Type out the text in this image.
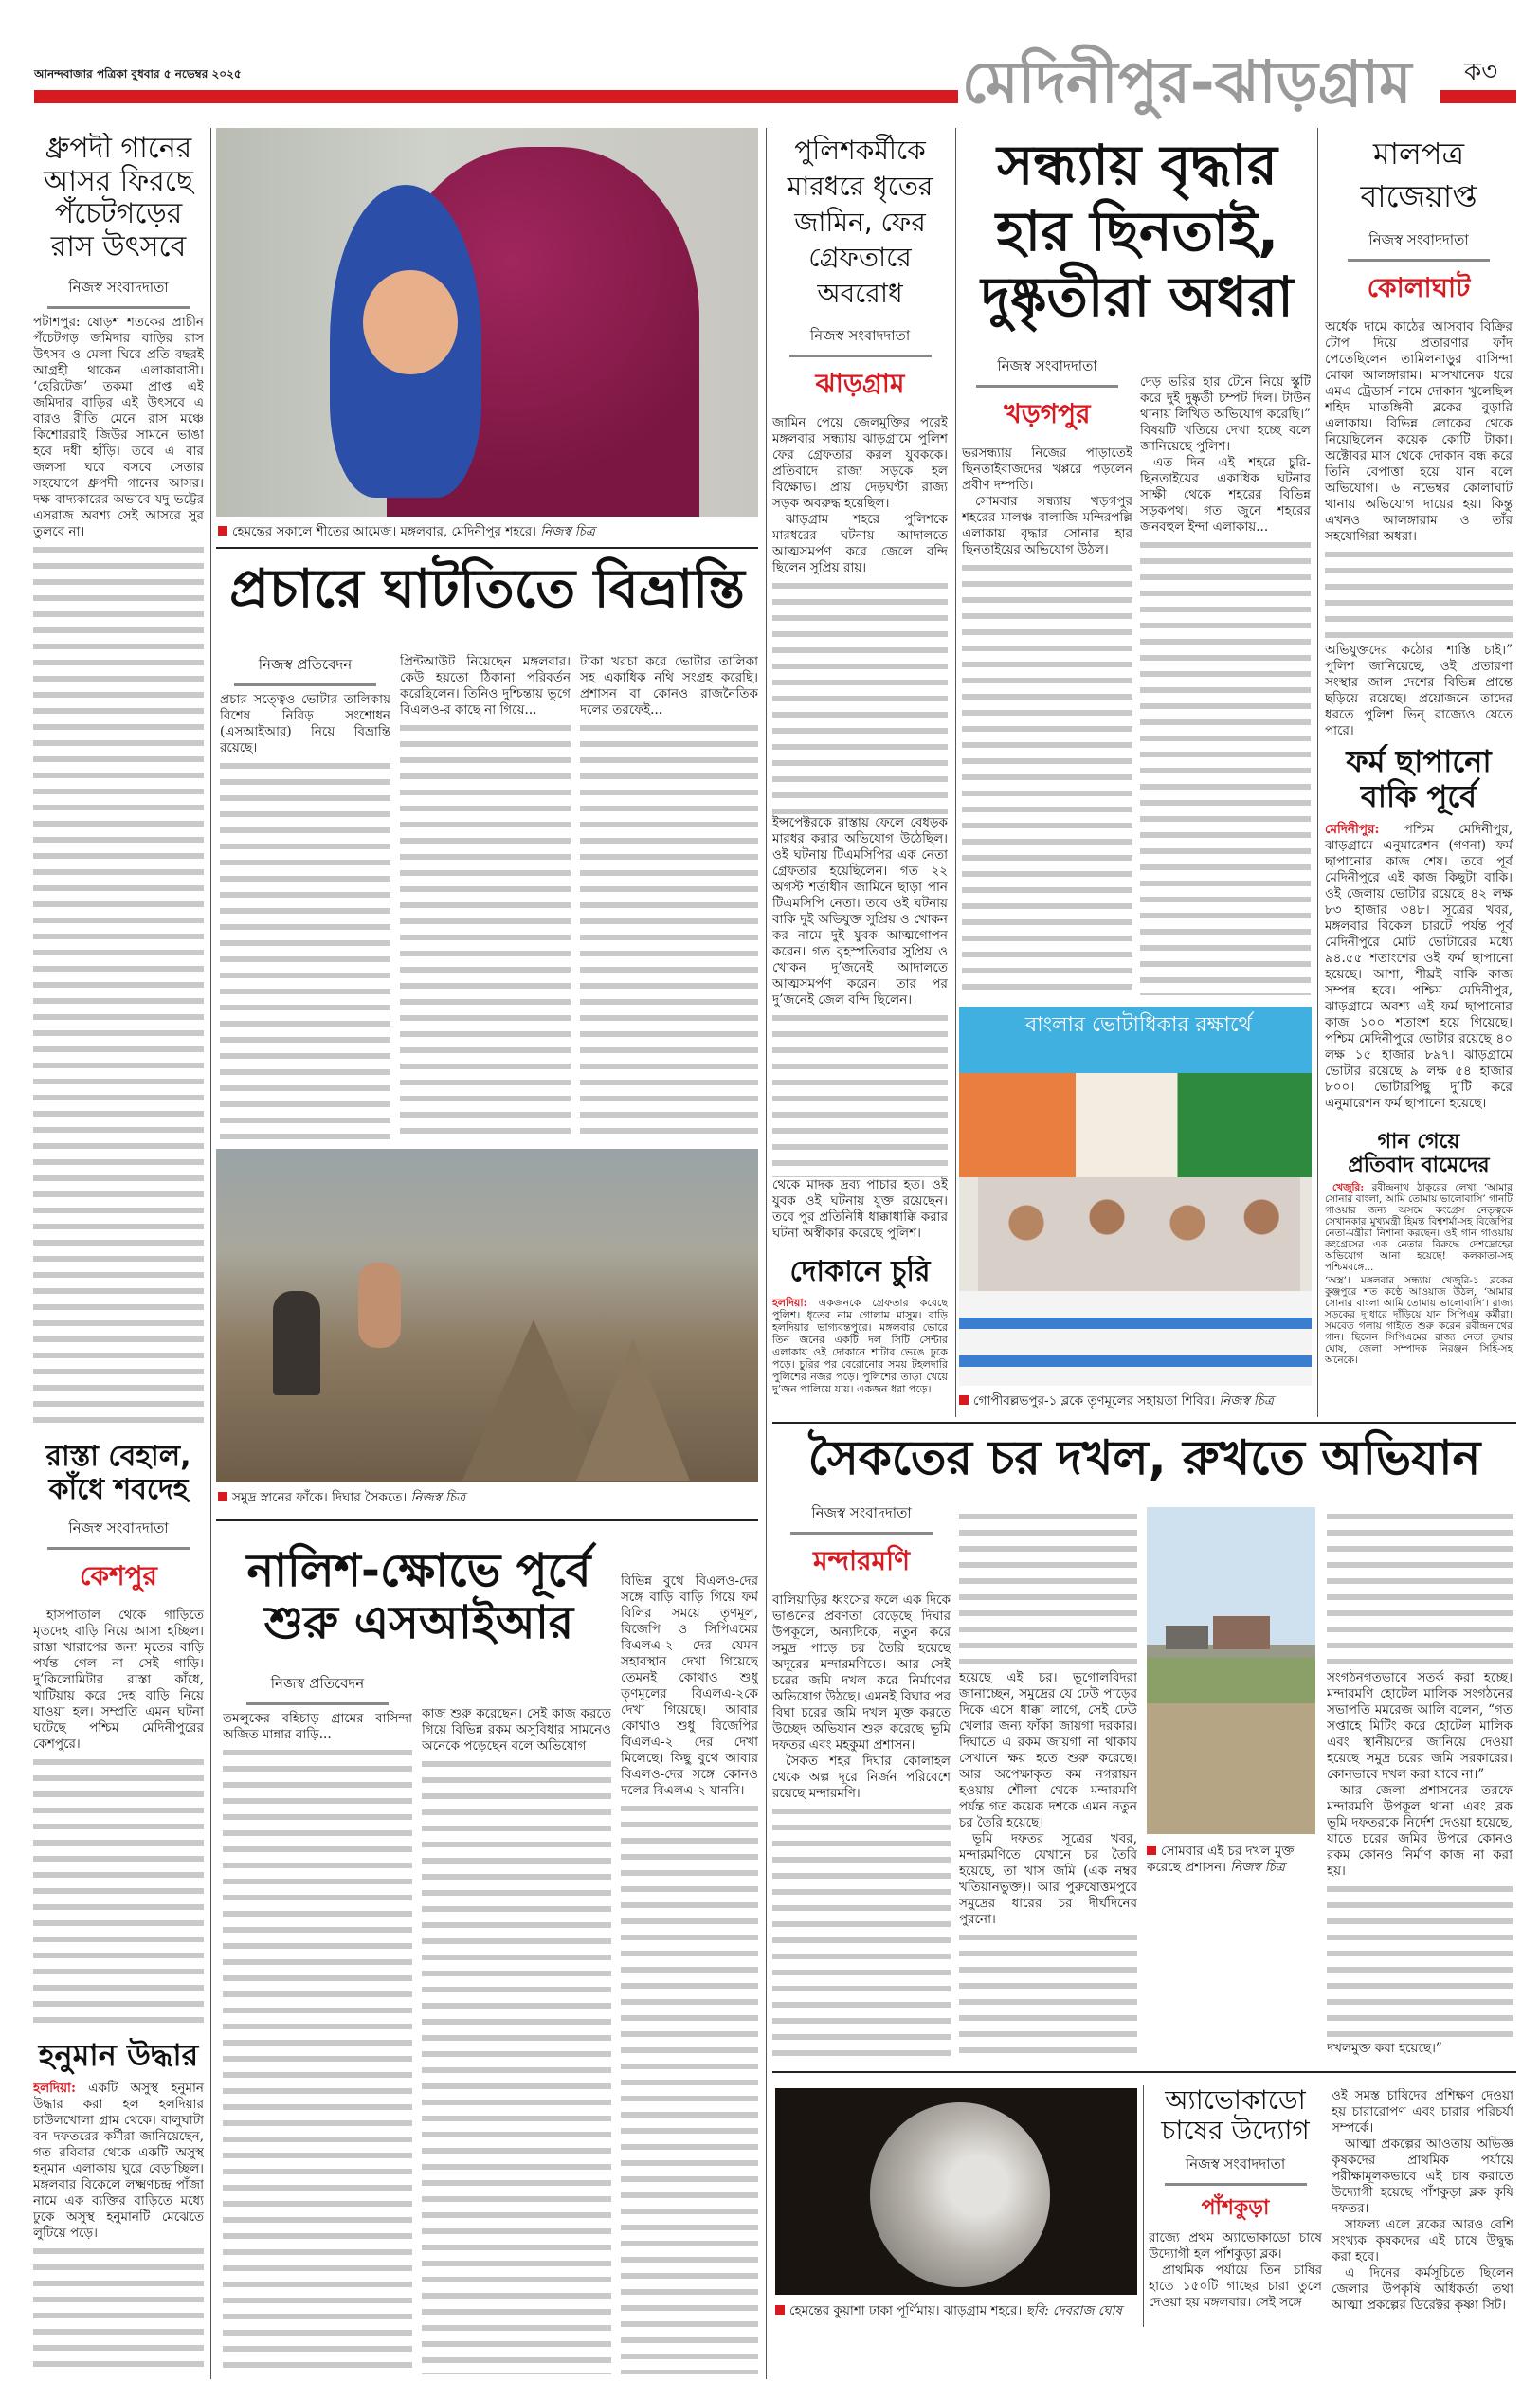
আনন্দবাজার পত্রিকা বুধবার ৫ নভেম্বর ২০২৫	মেদিনীপুর-ঝাড়গ্রাম ক৩
ধ্রুপদী গানের আসর ফিরছে পঁচেটগড়ের রাস উৎসবে
নিজস্ব সংবাদদাতা

পটাশপুর: ষোড়শ শতকের প্রাচীন পঁচেটগড় জমিদার বাড়ির রাস উৎসব ও মেলা ঘিরে প্রতি বছরই আগ্রহী থাকেন এলাকাবাসী। ‘হেরিটেজ’ তকমা প্রাপ্ত এই জমিদার বাড়ির এই উৎসবে এ বারও রীতি মেনে রাস মঞ্চে কিশোররাই জিউর সামনে ভাঙা হবে দধী হাঁড়ি। তবে এ বার জলসা ঘরে বসবে সেতার সহযোগে ধ্রুপদী গানের আসর। দক্ষ বাদ্যকারের অভাবে যদু ভট্টের এসরাজ অবশ্য সেই আসরে সুর তুলবে না।	হেমন্তের সকালে শীতের আমেজ। মঙ্গলবার, মেদিনীপুর শহরে। নিজস্ব চিত্র
প্রচারে ঘাটতিতে বিভ্রান্তি
নিজস্ব প্রতিবেদন

প্রচার সত্ত্বেও ভোটার তালিকায় বিশেষ নিবিড় সংশোধন (এসআইআর) নিয়ে বিভ্রান্তি রয়েছে।

প্রিন্টআউট নিয়েছেন মঙ্গলবার। কেউ হয়তো ঠিকানা পরিবর্তন করেছিলেন। তিনিও দুশ্চিন্তায় ভুগে বিএলও-র কাছে না গিয়ে...

টাকা খরচা করে ভোটার তালিকা সহ একাধিক নথি সংগ্রহ করেছি। প্রশাসন বা কোনও রাজনৈতিক দলের তরফেই...

সমুদ্র স্নানের ফাঁকে। দিঘার সৈকতে। নিজস্ব চিত্র
রাস্তা বেহাল, কাঁধে শবদেহ
নিজস্ব সংবাদদাতা
কেশপুর

হাসপাতাল থেকে গাড়িতে মৃতদেহ বাড়ি নিয়ে আসা হচ্ছিল। রাস্তা খারাপের জন্য মৃতের বাড়ি পর্যন্ত গেল না সেই গাড়ি। দু’কিলোমিটার রাস্তা কাঁধে, খাটিয়ায় করে দেহ বাড়ি নিয়ে যাওয়া হল। সম্প্রতি এমন ঘটনা ঘটেছে পশ্চিম মেদিনীপুরের কেশপুরে।

হনুমান উদ্ধার

হলদিয়া: একটি অসুস্থ হনুমান উদ্ধার করা হল হলদিয়ার চাউলখোলা গ্রাম থেকে। বালুঘাটা বন দফতরের কর্মীরা জানিয়েছেন, গত রবিবার থেকে একটি অসুস্থ হনুমান এলাকায় ঘুরে বেড়াচ্ছিল। মঙ্গলবার বিকেলে লক্ষ্মণচন্দ্র পাঁজা নামে এক ব্যক্তির বাড়িতে মধ্যে ঢুকে অসুস্থ হনুমানটি মেঝেতে লুটিয়ে পড়ে।

নালিশ-ক্ষোভে পূর্বে
শুরু এসআইআর
নিজস্ব প্রতিবেদন

তমলুকের বহিচাড় গ্রামের বাসিন্দা অজিত মান্নার বাড়ি...

কাজ শুরু করেছেন। সেই কাজ করতে গিয়ে বিভিন্ন রকম অসুবিধার সামনেও অনেকে পড়েছেন বলে অভিযোগ।

বিভিন্ন বুথে বিএলও-দের সঙ্গে বাড়ি বাড়ি গিয়ে ফর্ম বিলির সময়ে তৃণমূল, বিজেপি ও সিপিএমের বিএলএ-২ দের যেমন সহাবস্থান দেখা গিয়েছে তেমনই কোথাও শুধু তৃণমূলের বিএলএ-২কে দেখা গিয়েছে। আবার কোথাও শুধু বিজেপির বিএলএ-২ দের দেখা মিলেছে। কিছু বুথে আবার বিএলও-দের সঙ্গে কোনও দলের বিএলএ-২ যাননি।

পুলিশকর্মীকে মারধরে ধৃতের জামিন, ফের গ্রেফতারে অবরোধ
নিজস্ব সংবাদদাতা
ঝাড়গ্রাম

জামিন পেয়ে জেলমুক্তির পরেই মঙ্গলবার সন্ধ্যায় ঝাড়গ্রামে পুলিশ ফের গ্রেফতার করল যুবককে। প্রতিবাদে রাজ্য সড়কে হল বিক্ষোভ। প্রায় দেড়ঘণ্টা রাজ্য সড়ক অবরুদ্ধ হয়েছিল।

ঝাড়গ্রাম শহরে পুলিশকে মারধরের ঘটনায় আদালতে আত্মসমর্পণ করে জেলে বন্দি ছিলেন সুপ্রিয় রায়।

ইন্সপেক্টরকে রাস্তায় ফেলে বেধড়ক মারধর করার অভিযোগ উঠেছিল। ওই ঘটনায় টিএমসিপির এক নেতা গ্রেফতার হয়েছিলেন। গত ২২ অগস্ট শর্তাধীন জামিনে ছাড়া পান টিএমসিপি নেতা। তবে ওই ঘটনায় বাকি দুই অভিযুক্ত সুপ্রিয় ও খোকন কর নামে দুই যুবক আত্মগোপন করেন। গত বৃহস্পতিবার সুপ্রিয় ও খোকন দু’জনেই আদালতে আত্মসমর্পণ করেন। তার পর দু’জনেই জেল বন্দি ছিলেন।

থেকে মাদক দ্রব্য পাচার হত। ওই যুবক ওই ঘটনায় যুক্ত রয়েছেন। তবে পুর প্রতিনিধি ধাক্কাধাক্কি করার ঘটনা অস্বীকার করেছে পুলিশ।

দোকানে চুরি

হলদিয়া: একজনকে গ্রেফতার করেছে পুলিশ। ধৃতের নাম গোলাম মাসুম। বাড়ি হলদিয়ার ভাগ্যবন্তপুরে। মঙ্গলবার ভোরে তিন জনের একটি দল সিটি সেন্টার এলাকায় ওই দোকানে শাটার ভেঙে ঢুকে পড়ে। চুরির পর বেরোনোর সময় টহলদারি পুলিশের নজর পড়ে। পুলিশের তাড়া খেয়ে দু’জন পালিয়ে যায়। একজন ধরা পড়ে।

সন্ধ্যায় বৃদ্ধার হার ছিনতাই, দুষ্কৃতীরা অধরা
নিজস্ব সংবাদদাতা
খড়গপুর

ভরসন্ধ্যায় নিজের পাড়াতেই ছিনতাইবাজদের খপ্পরে পড়লেন প্রবীণ দম্পতি।

সোমবার সন্ধ্যায় খড়গপুর শহরের মালঞ্চ বালাজি মন্দিরপল্লি এলাকায় বৃদ্ধার সোনার হার ছিনতাইয়ের অভিযোগ উঠল।

দেড় ভরির হার টেনে নিয়ে স্কুটি করে দুই দুষ্কৃতী চম্পট দিল। টাউন থানায় লিখিত অভিযোগ করেছি।” বিষয়টি খতিয়ে দেখা হচ্ছে বলে জানিয়েছে পুলিশ।

এত দিন এই শহরে চুরি-ছিনতাইয়ের একাধিক ঘটনার সাক্ষী থেকে শহরের বিভিন্ন সড়কপথ। গত জুনে শহরের জনবহুল ইন্দা এলাকায়...

বাংলার ভোটাধিকার রক্ষার্থে
গোপীবল্লভপুর-১ ব্লকে তৃণমূলের সহায়তা শিবির। নিজস্ব চিত্র
মালপত্র বাজেয়াপ্ত
নিজস্ব সংবাদদাতা
কোলাঘাট

অর্ধেক দামে কাঠের আসবাব বিক্রির টোপ দিয়ে প্রতারণার ফাঁদ পেতেছিলেন তামিলনাড়ুর বাসিন্দা মোকা আলঙ্গারাম। মাসখানেক ধরে এমএ ট্রেডার্স নামে দোকান খুলেছিল শহিদ মাতঙ্গিনী ব্লকের বুড়ারি এলাকায়। বিভিন্ন লোকের থেকে নিয়েছিলেন কয়েক কোটি টাকা। অক্টোবর মাস থেকে দোকান বন্ধ করে তিনি বেপাত্তা হয়ে যান বলে অভিযোগ। ৬ নভেম্বর কোলাঘাট থানায় অভিযোগ দায়ের হয়। কিন্তু এখনও আলঙ্গারাম ও তাঁর সহযোগিরা অধরা।

অভিযুক্তদের কঠোর শাস্তি চাই।” পুলিশ জানিয়েছে, ওই প্রতারণা সংস্থার জাল দেশের বিভিন্ন প্রান্তে ছড়িয়ে রয়েছে। প্রয়োজনে তাদের ধরতে পুলিশ ভিন্ রাজ্যেও যেতে পারে।

ফর্ম ছাপানো বাকি পূর্বে

মেদিনীপুর: পশ্চিম মেদিনীপুর, ঝাড়গ্রামে এনুমারেশন (গণনা) ফর্ম ছাপানোর কাজ শেষ। তবে পূর্ব মেদিনীপুরে এই কাজ কিছুটা বাকি। ওই জেলায় ভোটার রয়েছে ৪২ লক্ষ ৮৩ হাজার ৩৪৮। সূত্রের খবর, মঙ্গলবার বিকেল চারটে পর্যন্ত পূর্ব মেদিনীপুরে মোট ভোটারের মধ্যে ৯৪.৫৫ শতাংশের ওই ফর্ম ছাপানো হয়েছে। আশা, শীঘ্রই বাকি কাজ সম্পন্ন হবে। পশ্চিম মেদিনীপুর, ঝাড়গ্রামে অবশ্য এই ফর্ম ছাপানোর কাজ ১০০ শতাংশ হয়ে গিয়েছে। পশ্চিম মেদিনীপুরে ভোটার রয়েছে ৪০ লক্ষ ১৫ হাজার ৮৯৭। ঝাড়গ্রামে ভোটার রয়েছে ৯ লক্ষ ৫৪ হাজার ৮০০। ভোটারপিছু দু’টি করে এনুমারেশন ফর্ম ছাপানো হয়েছে।

গান গেয়ে
প্রতিবাদ বামেদের

খেজুরি: রবীন্দ্রনাথ ঠাকুরের লেখা ‘আমার সোনার বাংলা, আমি তোমায় ভালোবাসি’ গানটি গাওয়ার জন্য অসমে কংগ্রেস নেতৃত্বকে সেখানকার মুখ্যমন্ত্রী হিমন্ত বিশ্বশর্মা-সহ বিজেপির নেতা-মন্ত্রীরা নিশানা করছেন। ওই গান গাওয়ায় কংগ্রেসের এক নেতার বিরুদ্ধে দেশদ্রোহের অভিযোগ আনা হয়েছে! কলকাতা-সহ পশ্চিমবঙ্গে...

‘অস্ত্র’। মঙ্গলবার সন্ধ্যায় খেজুরি-১ ব্লকের কুঞ্জপুরে শত কণ্ঠে আওয়াজ উঠল, ‘আমার সোনার বাংলা আমি তোমায় ভালোবাসি’। রাজ্য সড়কের দু’ধারে দাঁড়িয়ে যান সিপিএম কর্মীরা। সমবেত গলায় গাইতে শুরু করেন রবীন্দ্রনাথের গান। ছিলেন সিপিএমের রাজ্য নেতা তুষার ঘোষ, জেলা সম্পাদক নিরঞ্জন সিহি-সহ অনেকে।

সৈকতের চর দখল, রুখতে অভিযান
নিজস্ব সংবাদদাতা
মন্দারমণি

বালিয়াড়ির ধ্বংসের ফলে এক দিকে ভাঙনের প্রবণতা বেড়েছে দিঘার উপকূলে, অন্যদিকে, নতুন করে সমুদ্র পাড়ে চর তৈরি হয়েছে অদূরের মন্দারমণিতে। আর সেই চরের জমি দখল করে নির্মাণের অভিযোগ উঠছে। এমনই বিঘার পর বিঘা চরের জমি দখল মুক্ত করতে উচ্ছেদ অভিযান শুরু করেছে ভূমি দফতর এবং মহকুমা প্রশাসন।

সৈকত শহর দিঘার কোলাহল থেকে অল্প দূরে নির্জন পরিবেশে রয়েছে মন্দারমণি।

হয়েছে এই চর। ভূগোলবিদরা জানাচ্ছেন, সমুদ্রের যে ঢেউ পাড়ের দিকে এসে ধাক্কা লাগে, সেই ঢেউ খেলার জন্য ফাঁকা জায়গা দরকার। দিঘাতে এ রকম জায়গা না থাকায় সেখানে ক্ষয় হতে শুরু করেছে। আর অপেক্ষাকৃত কম নগরায়ন হওয়ায় শৌলা থেকে মন্দারমণি পর্যন্ত গত কয়েক দশকে এমন নতুন চর তৈরি হয়েছে।

ভূমি দফতর সূত্রের খবর, মন্দারমণিতে যেখানে চর তৈরি হয়েছে, তা খাস জমি (এক নম্বর খতিয়ানভুক্ত)। আর পুরুষোত্তমপুরে সমুদ্রের ধারের চর দীর্ঘদিনের পুরনো।

সোমবার এই চর দখল মুক্ত করেছে প্রশাসন। নিজস্ব চিত্র

সংগঠনগতভাবে সতর্ক করা হচ্ছে। মন্দারমণি হোটেল মালিক সংগঠনের সভাপতি মমরেজ আলি বলেন, “গত সপ্তাহে মিটিং করে হোটেল মালিক এবং স্থানীয়দের জানিয়ে দেওয়া হয়েছে সমুদ্র চরের জমি সরকারের। কোনভাবে দখল করা যাবে না।”

আর জেলা প্রশাসনের তরফে মন্দারমণি উপকূল থানা এবং ব্লক ভূমি দফতরকে নির্দেশ দেওয়া হয়েছে, যাতে চরের জমির উপরে কোনও রকম কোনও নির্মাণ কাজ না করা হয়।

দখলমুক্ত করা হয়েছে।”

হেমন্তের কুয়াশা ঢাকা পূর্ণিমায়। ঝাড়গ্রাম শহরে। ছবি: দেবরাজ ঘোষ
অ্যাভোকাডো চাষের উদ্যোগ
নিজস্ব সংবাদদাতা
পাঁশকুড়া

রাজ্যে প্রথম অ্যাভোকাডো চাষে উদ্যোগী হল পাঁশকুড়া ব্লক।

প্রাথমিক পর্যায়ে তিন চাষির হাতে ১৫০টি গাছের চারা তুলে দেওয়া হয় মঙ্গলবার। সেই সঙ্গে

ওই সমস্ত চাষিদের প্রশিক্ষণ দেওয়া হয় চারারোপণ এবং চারার পরিচর্যা সম্পর্কে।

আত্মা প্রকল্পের আওতায় অভিজ্ঞ কৃষকদের প্রাথমিক পর্যায়ে পরীক্ষামূলকভাবে এই চাষ করাতে উদ্যোগী হয়েছে পাঁশকুড়া ব্লক কৃষি দফতর।

সাফল্য এলে ব্লকের আরও বেশি সংখ্যক কৃষকদের এই চাষে উদ্বুদ্ধ করা হবে।

এ দিনের কর্মসূচিতে ছিলেন জেলার উপকৃষি অধিকর্তা তথা আত্মা প্রকল্পের ডিরেক্টর কৃষ্ণা সিট।
